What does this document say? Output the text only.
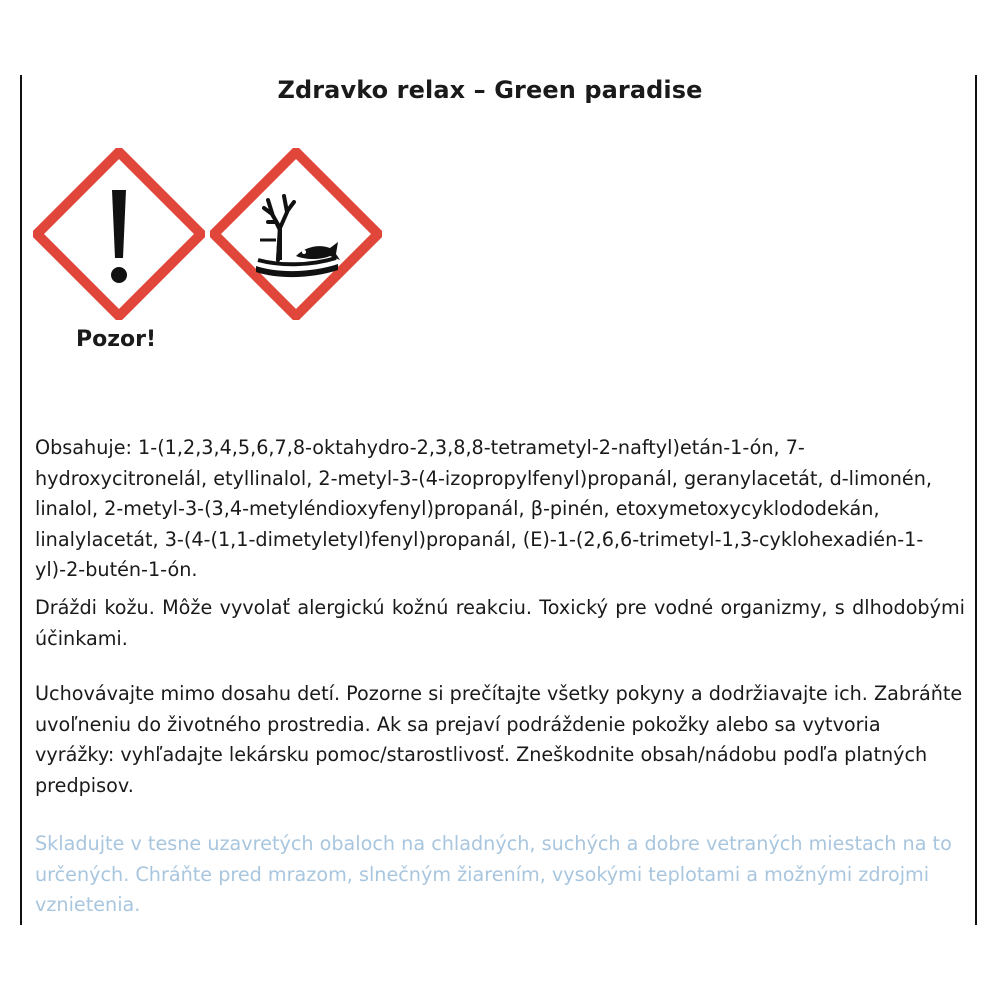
Zdravko relax – Green paradise
Pozor!

Obsahuje: 1-(1,2,3,4,5,6,7,8-oktahydro-2,3,8,8-tetrametyl-2-naftyl)etán-1-ón, 7-hydroxycitronelál, etyllinalol, 2-metyl-3-(4-izopropylfenyl)propanál, geranylacetát, d-limonén, linalol, 2-metyl-3-(3,4-metyléndioxyfenyl)propanál, β-pinén, etoxymetoxycyklododekán, linalylacetát, 3-(4-(1,1-dimetyletyl)fenyl)propanál, (E)-1-(2,6,6-trimetyl-1,3-cyklohexadién-1-yl)-2-butén-1-ón.

Dráždi kožu. Môže vyvolať alergickú kožnú reakciu. Toxický pre vodné organizmy, s dlhodobými účinkami.

Uchovávajte mimo dosahu detí. Pozorne si prečítajte všetky pokyny a dodržiavajte ich. Zabráňte uvoľneniu do životného prostredia. Ak sa prejaví podráždenie pokožky alebo sa vytvoria vyrážky: vyhľadajte lekársku pomoc/starostlivosť. Zneškodnite obsah/nádobu podľa platných predpisov.

Skladujte v tesne uzavretých obaloch na chladných, suchých a dobre vetraných miestach na to určených. Chráňte pred mrazom, slnečným žiarením, vysokými teplotami a možnými zdrojmi vznietenia.
